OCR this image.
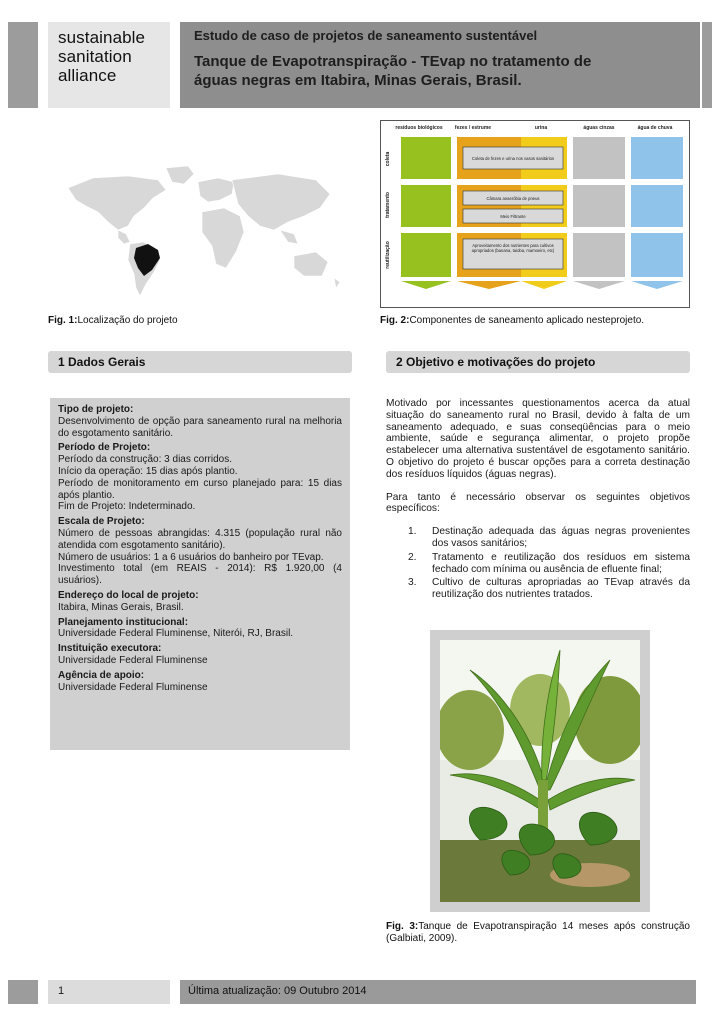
sustainable
sanitation
alliance
Estudo de caso de projetos de saneamento sustentável
Tanque de Evapotranspiração - TEvap no tratamento de
águas negras em Itabira, Minas Gerais, Brasil.
Fig. 1:Localização do projeto
resíduos biológicos fezes / estrume	urina	águas cinzas	água de chuva
coleta
tratamento
reutilização
Coleta de fezes e urina nos vasos sanitários
Câmara anaeróbia de pneus
Meio Filtrante
Aproveitamento dos nutrientes para cultivos apropriados (banana, taioba, mamoeiro, etc)
Fig. 2:Componentes de saneamento aplicado nesteprojeto.
1 Dados Gerais	2 Objetivo e motivações do projeto
Tipo de projeto:
Desenvolvimento de opção para saneamento rural na melhoria do esgotamento sanitário.
Período de Projeto:
Período da construção: 3 dias corridos.
Início da operação: 15 dias após plantio.
Período de monitoramento em curso planejado para: 15 dias após plantio.
Fim de Projeto: Indeterminado.
Escala de Projeto:
Número de pessoas abrangidas: 4.315 (população rural não atendida com esgotamento sanitário).
Número de usuários: 1 a 6 usuários do banheiro por TEvap.
Investimento total (em REAIS - 2014): R$ 1.920,00 (4 usuários).
Endereço do local de projeto:
Itabira, Minas Gerais, Brasil.
Planejamento institucional:
Universidade Federal Fluminense, Niterói, RJ, Brasil.
Instituição executora:
Universidade Federal Fluminense
Agência de apoio:
Universidade Federal Fluminense

Motivado por incessantes questionamentos acerca da atual situação do saneamento rural no Brasil, devido à falta de um saneamento adequado, e suas conseqüências para o meio ambiente, saúde e segurança alimentar, o projeto propõe estabelecer uma alternativa sustentável de esgotamento sanitário. O objetivo do projeto é buscar opções para a correta destinação dos resíduos líquidos (águas negras).

Para tanto é necessário observar os seguintes objetivos específicos:

1. Destinação adequada das águas negras provenientes dos vasos sanitários;
2. Tratamento e reutilização dos resíduos em sistema fechado com mínima ou ausência de efluente final;
3. Cultivo de culturas apropriadas ao TEvap através da reutilização dos nutrientes tratados.
Fig. 3:Tanque de Evapotranspiração 14 meses após construção (Galbiati, 2009).
1	Última atualização: 09 Outubro 2014
